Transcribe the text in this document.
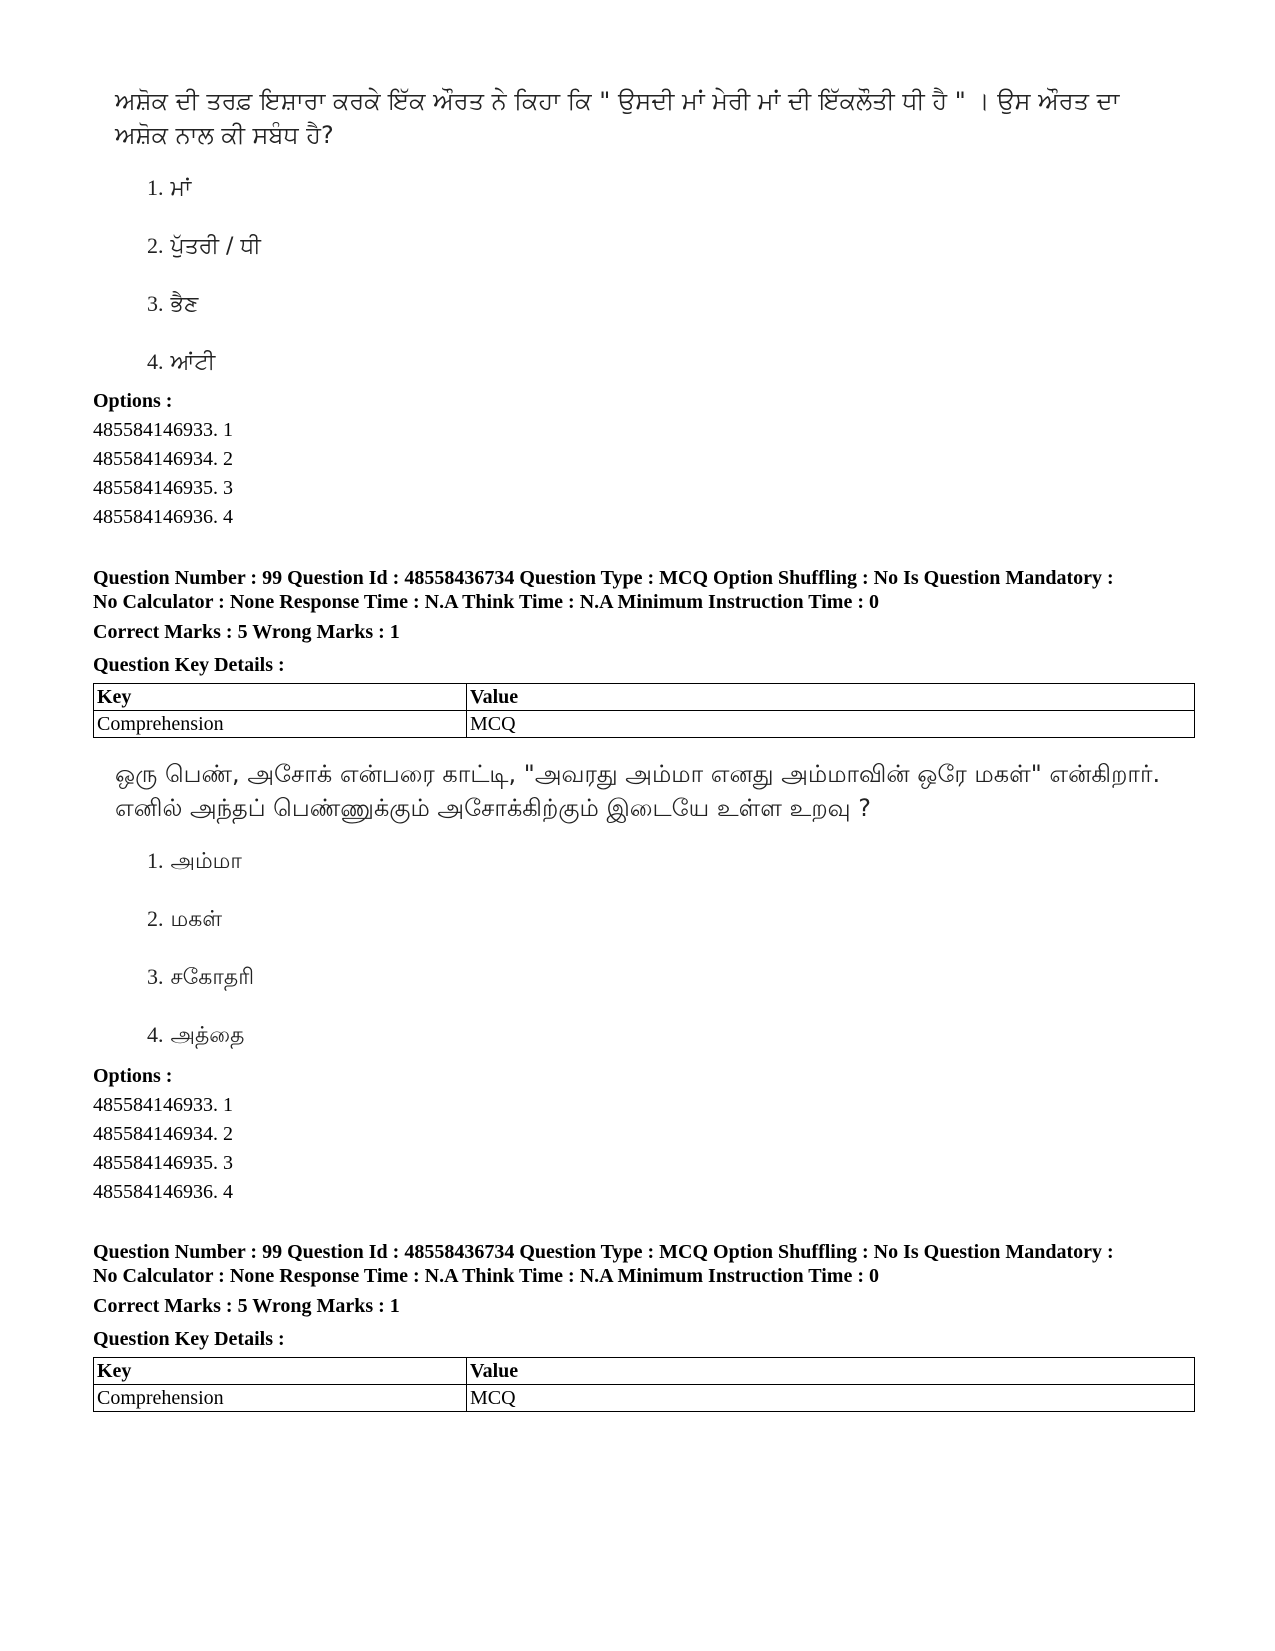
ਅਸ਼ੋਕ ਦੀ ਤਰਫ਼ ਇਸ਼ਾਰਾ ਕਰਕੇ ਇੱਕ ਔਰਤ ਨੇ ਕਿਹਾ ਕਿ " ਉਸਦੀ ਮਾਂ ਮੇਰੀ ਮਾਂ ਦੀ ਇੱਕਲੌਤੀ ਧੀ ਹੈ " । ਉਸ ਔਰਤ ਦਾ ਅਸ਼ੋਕ ਨਾਲ ਕੀ ਸਬੰਧ ਹੈ?
1. ਮਾਂ
2. ਪੁੱਤਰੀ / ਧੀ
3. ਭੈਣ
4. ਆਂਟੀ
Options :
485584146933. 1
485584146934. 2
485584146935. 3
485584146936. 4

Question Number : 99 Question Id : 48558436734 Question Type : MCQ Option Shuffling : No Is Question Mandatory :

No Calculator : None Response Time : N.A Think Time : N.A Minimum Instruction Time : 0

Correct Marks : 5 Wrong Marks : 1

Question Key Details :

Key	Value
Comprehension	MCQ
ஒரு பெண், அசோக் என்பரை காட்டி, "அவரது அம்மா எனது அம்மாவின் ஒரே மகள்" என்கிறார். எனில் அந்தப் பெண்ணுக்கும் அசோக்கிற்கும் இடையே உள்ள உறவு ?
1. அம்மா
2. மகள்
3. சகோதரி
4. அத்தை
Options :
485584146933. 1
485584146934. 2
485584146935. 3
485584146936. 4

Question Number : 99 Question Id : 48558436734 Question Type : MCQ Option Shuffling : No Is Question Mandatory :

No Calculator : None Response Time : N.A Think Time : N.A Minimum Instruction Time : 0

Correct Marks : 5 Wrong Marks : 1

Question Key Details :

Key	Value
Comprehension	MCQ
